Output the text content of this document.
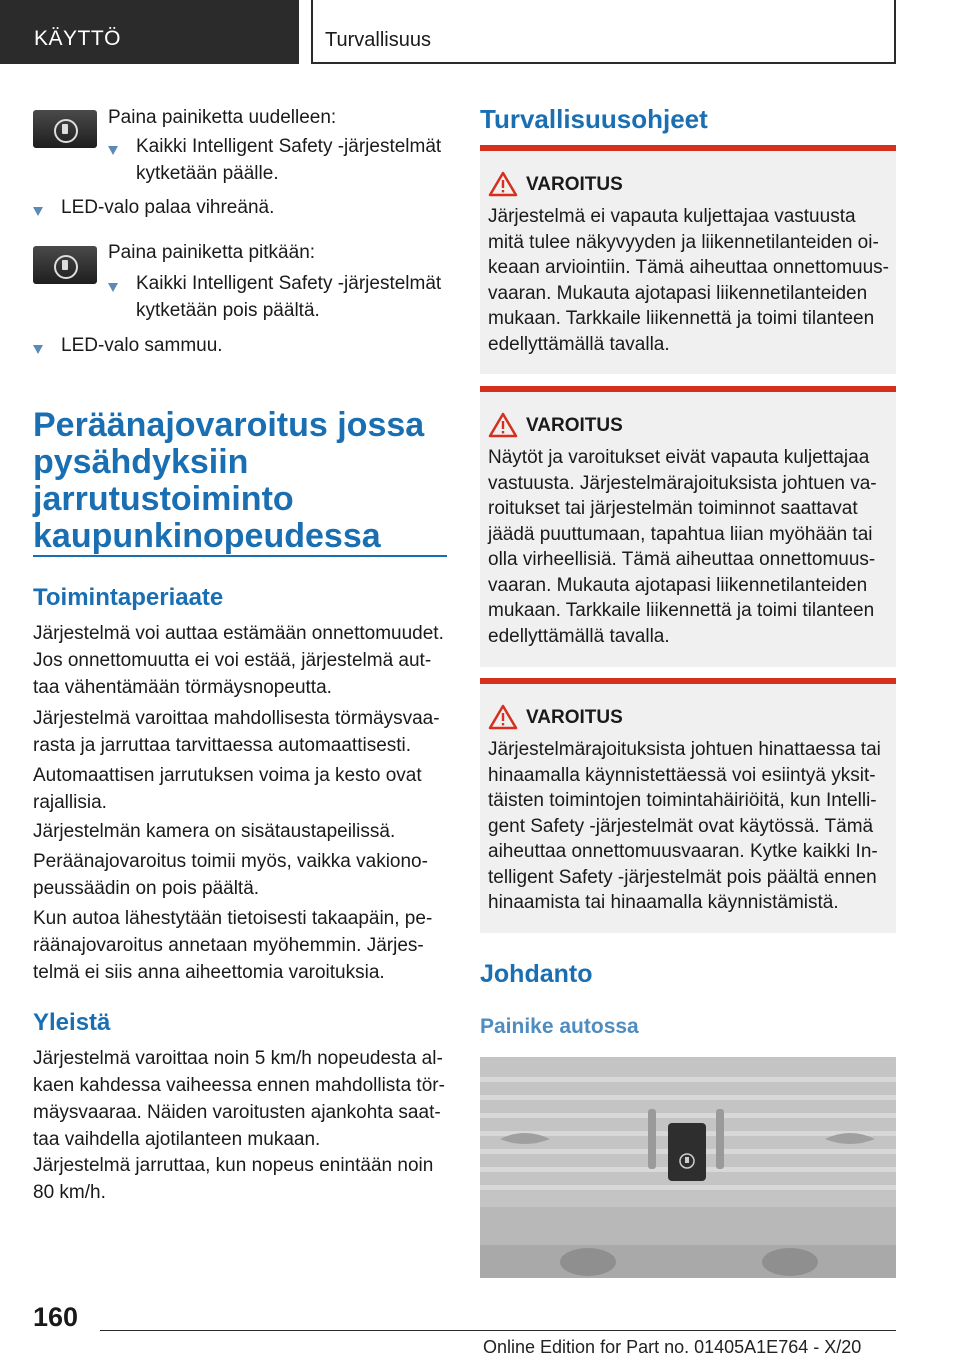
KÄYTTÖ	Turvallisuus
Paina painiketta uudelleen:
Kaikki Intelligent Safety -järjestelmät kytketään päälle.
LED-valo palaa vihreänä.
Paina painiketta pitkään:
Kaikki Intelligent Safety -järjestelmät kytketään pois päältä.
LED-valo sammuu.
Peräänajovaroitus jossa pysähdyksiin jarrutustoiminto kaupunkinopeudessa
Toimintaperiaate
Järjestelmä voi auttaa estämään onnettomuudet. Jos onnettomuutta ei voi estää, järjestelmä aut- taa vähentämään törmäysnopeutta.
Järjestelmä varoittaa mahdollisesta törmäysvaa- rasta ja jarruttaa tarvittaessa automaattisesti.
Automaattisen jarrutuksen voima ja kesto ovat rajallisia.
Järjestelmän kamera on sisätaustapeilissä.
Peräänajovaroitus toimii myös, vaikka vakiono- peussäädin on pois päältä.
Kun autoa lähestytään tietoisesti takaapäin, pe- räänajovaroitus annetaan myöhemmin. Järjes- telmä ei siis anna aiheettomia varoituksia.
Yleistä
Järjestelmä varoittaa noin 5 km/h nopeudesta al- kaen kahdessa vaiheessa ennen mahdollista tör- mäysvaaraa. Näiden varoitusten ajankohta saat- taa vaihdella ajotilanteen mukaan.
Järjestelmä jarruttaa, kun nopeus enintään noin 80 km/h.
Turvallisuusohjeet
VAROITUS
Järjestelmä ei vapauta kuljettajaa vastuusta mitä tulee näkyvyyden ja liikennetilanteiden oi- keaan arviointiin. Tämä aiheuttaa onnettomuus- vaaran. Mukauta ajotapasi liikennetilanteiden mukaan. Tarkkaile liikennettä ja toimi tilanteen edellyttämällä tavalla.
VAROITUS
Näytöt ja varoitukset eivät vapauta kuljettajaa vastuusta. Järjestelmärajoituksista johtuen va- roitukset tai järjestelmän toiminnot saattavat jäädä puuttumaan, tapahtua liian myöhään tai olla virheellisiä. Tämä aiheuttaa onnettomuus- vaaran. Mukauta ajotapasi liikennetilanteiden mukaan. Tarkkaile liikennettä ja toimi tilanteen edellyttämällä tavalla.
VAROITUS
Järjestelmärajoituksista johtuen hinattaessa tai hinaamalla käynnistettäessä voi esiintyä yksit- täisten toimintojen toimintahäiriöitä, kun Intelli- gent Safety -järjestelmät ovat käytössä. Tämä aiheuttaa onnettomuusvaaran. Kytke kaikki In- telligent Safety -järjestelmät pois päältä ennen hinaamista tai hinaamalla käynnistämistä.
Johdanto
Painike autossa
160
Online Edition for Part no. 01405A1E764 - X/20
